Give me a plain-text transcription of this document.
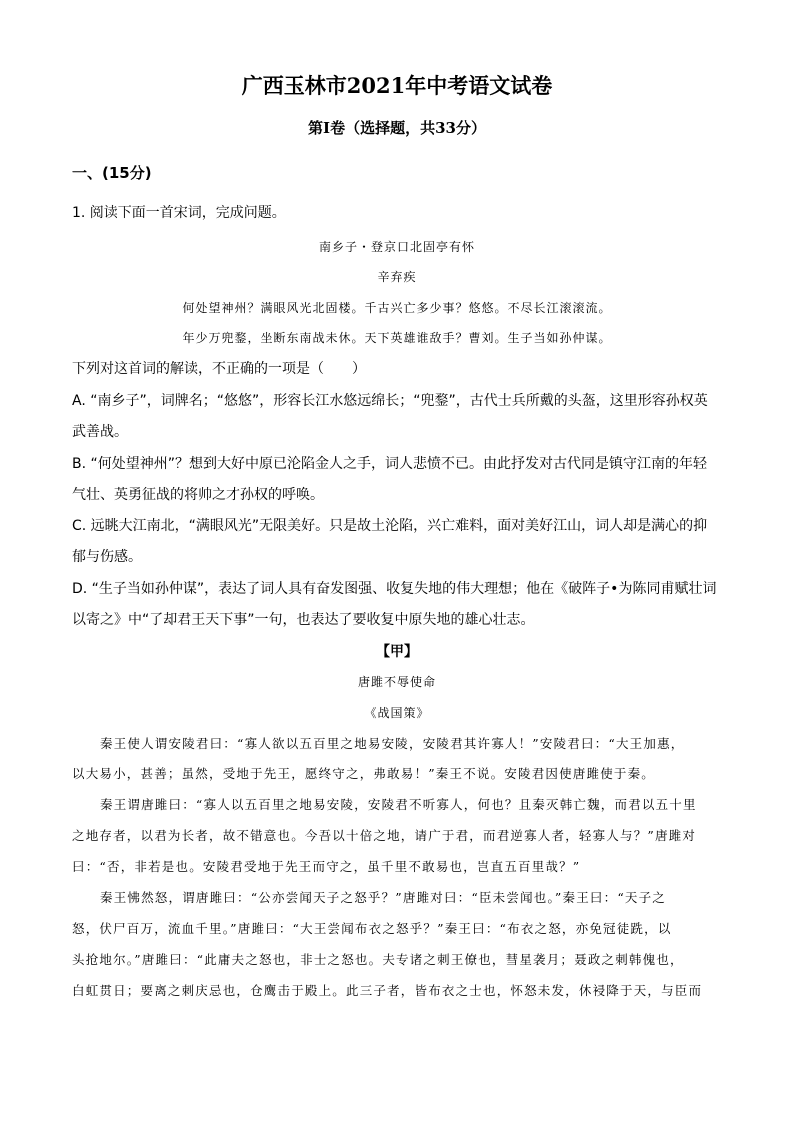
广西玉林市2021年中考语文试卷
第I卷（选择题，共33分）
一、(15分)
1. 阅读下面一首宋词，完成问题。
南乡子・登京口北固亭有怀
辛弃疾
何处望神州？满眼风光北固楼。千古兴亡多少事？悠悠。不尽长江滚滚流。
年少万兜鍪，坐断东南战未休。天下英雄谁敌手？曹刘。生子当如孙仲谋。
下列对这首词的解读，不正确的一项是（　　）
A. “南乡子”，词牌名；“悠悠”，形容长江水悠远绵长；“兜鍪”，古代士兵所戴的头盔，这里形容孙权英
武善战。
B. “何处望神州”？想到大好中原已沦陷金人之手，词人悲愤不已。由此抒发对古代同是镇守江南的年轻
气壮、英勇征战的将帅之才孙权的呼唤。
C. 远眺大江南北，“满眼风光”无限美好。只是故土沦陷，兴亡难料，面对美好江山，词人却是满心的抑
郁与伤感。
D. “生子当如孙仲谋”，表达了词人具有奋发图强、收复失地的伟大理想；他在《破阵子•为陈同甫赋壮词
以寄之》中“了却君王天下事”一句，也表达了要收复中原失地的雄心壮志。
【甲】
唐雎不辱使命
《战国策》
秦王使人谓安陵君曰：“寡人欲以五百里之地易安陵，安陵君其许寡人！”安陵君曰：“大王加惠，
以大易小，甚善；虽然，受地于先王，愿终守之，弗敢易！”秦王不说。安陵君因使唐雎使于秦。
秦王谓唐雎曰：“寡人以五百里之地易安陵，安陵君不听寡人，何也？且秦灭韩亡魏，而君以五十里
之地存者，以君为长者，故不错意也。今吾以十倍之地，请广于君，而君逆寡人者，轻寡人与？”唐雎对
曰：“否，非若是也。安陵君受地于先王而守之，虽千里不敢易也，岂直五百里哉？”
秦王怫然怒，谓唐雎曰：“公亦尝闻天子之怒乎？”唐雎对曰：“臣未尝闻也。”秦王曰：“天子之
怒，伏尸百万，流血千里。”唐雎曰：“大王尝闻布衣之怒乎？”秦王曰：“布衣之怒，亦免冠徒跣，以
头抢地尔。”唐雎曰：“此庸夫之怒也，非士之怒也。夫专诸之刺王僚也，彗星袭月；聂政之刺韩傀也，
白虹贯日；要离之刺庆忌也，仓鹰击于殿上。此三子者，皆布衣之士也，怀怒未发，休祲降于天，与臣而
